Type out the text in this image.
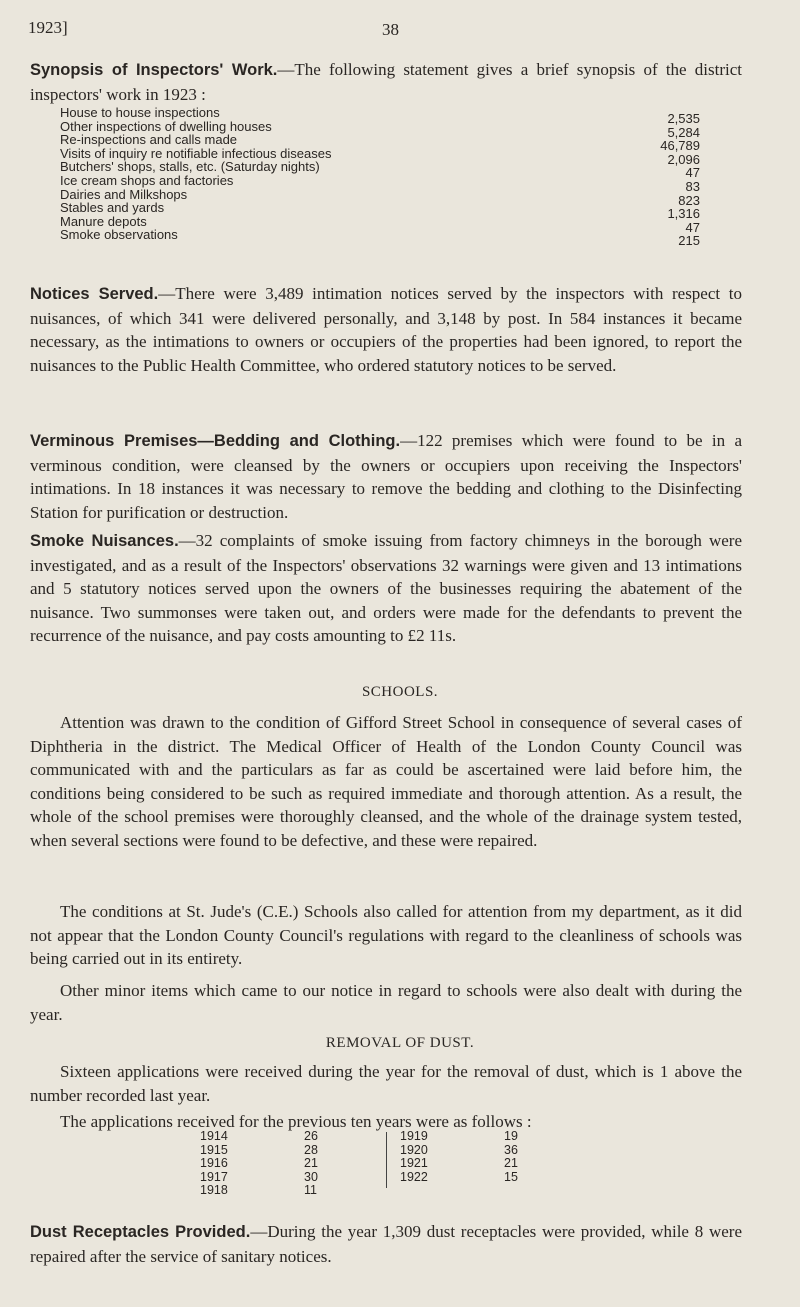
1923]	38

Synopsis of Inspectors' Work.—The following statement gives a brief synopsis of the district inspectors' work in 1923 :

House to house inspections	2,535
Other inspections of dwelling houses	5,284
Re-inspections and calls made	46,789
Visits of inquiry re notifiable infectious diseases	2,096
Butchers' shops, stalls, etc. (Saturday nights)	47
Ice cream shops and factories	83
Dairies and Milkshops	823
Stables and yards	1,316
Manure depots	47
Smoke observations	215

Notices Served.—There were 3,489 intimation notices served by the inspectors with respect to nuisances, of which 341 were delivered personally, and 3,148 by post. In 584 instances it became necessary, as the intimations to owners or occupiers of the properties had been ignored, to report the nuisances to the Public Health Committee, who ordered statutory notices to be served.

Verminous Premises—Bedding and Clothing.—122 premises which were found to be in a verminous condition, were cleansed by the owners or occupiers upon receiving the Inspectors' intimations. In 18 instances it was necessary to remove the bedding and clothing to the Disinfecting Station for purification or destruction.

Smoke Nuisances.—32 complaints of smoke issuing from factory chimneys in the borough were investigated, and as a result of the Inspectors' observations 32 warnings were given and 13 intimations and 5 statutory notices served upon the owners of the businesses requiring the abatement of the nuisance. Two summonses were taken out, and orders were made for the defendants to prevent the recurrence of the nuisance, and pay costs amounting to £2 11s.

SCHOOLS.

Attention was drawn to the condition of Gifford Street School in consequence of several cases of Diphtheria in the district. The Medical Officer of Health of the London County Council was communicated with and the particulars as far as could be ascertained were laid before him, the conditions being considered to be such as required immediate and thorough attention. As a result, the whole of the school premises were thoroughly cleansed, and the whole of the drainage system tested, when several sections were found to be defective, and these were repaired.

The conditions at St. Jude's (C.E.) Schools also called for attention from my department, as it did not appear that the London County Council's regulations with regard to the cleanliness of schools was being carried out in its entirety.

Other minor items which came to our notice in regard to schools were also dealt with during the year.

REMOVAL OF DUST.

Sixteen applications were received during the year for the removal of dust, which is 1 above the number recorded last year.

The applications received for the previous ten years were as follows :

1914	26
1915	28
1916	21
1917	30
1918	11
1919	19
1920	36
1921	21
1922	15

Dust Receptacles Provided.—During the year 1,309 dust receptacles were provided, while 8 were repaired after the service of sanitary notices.
